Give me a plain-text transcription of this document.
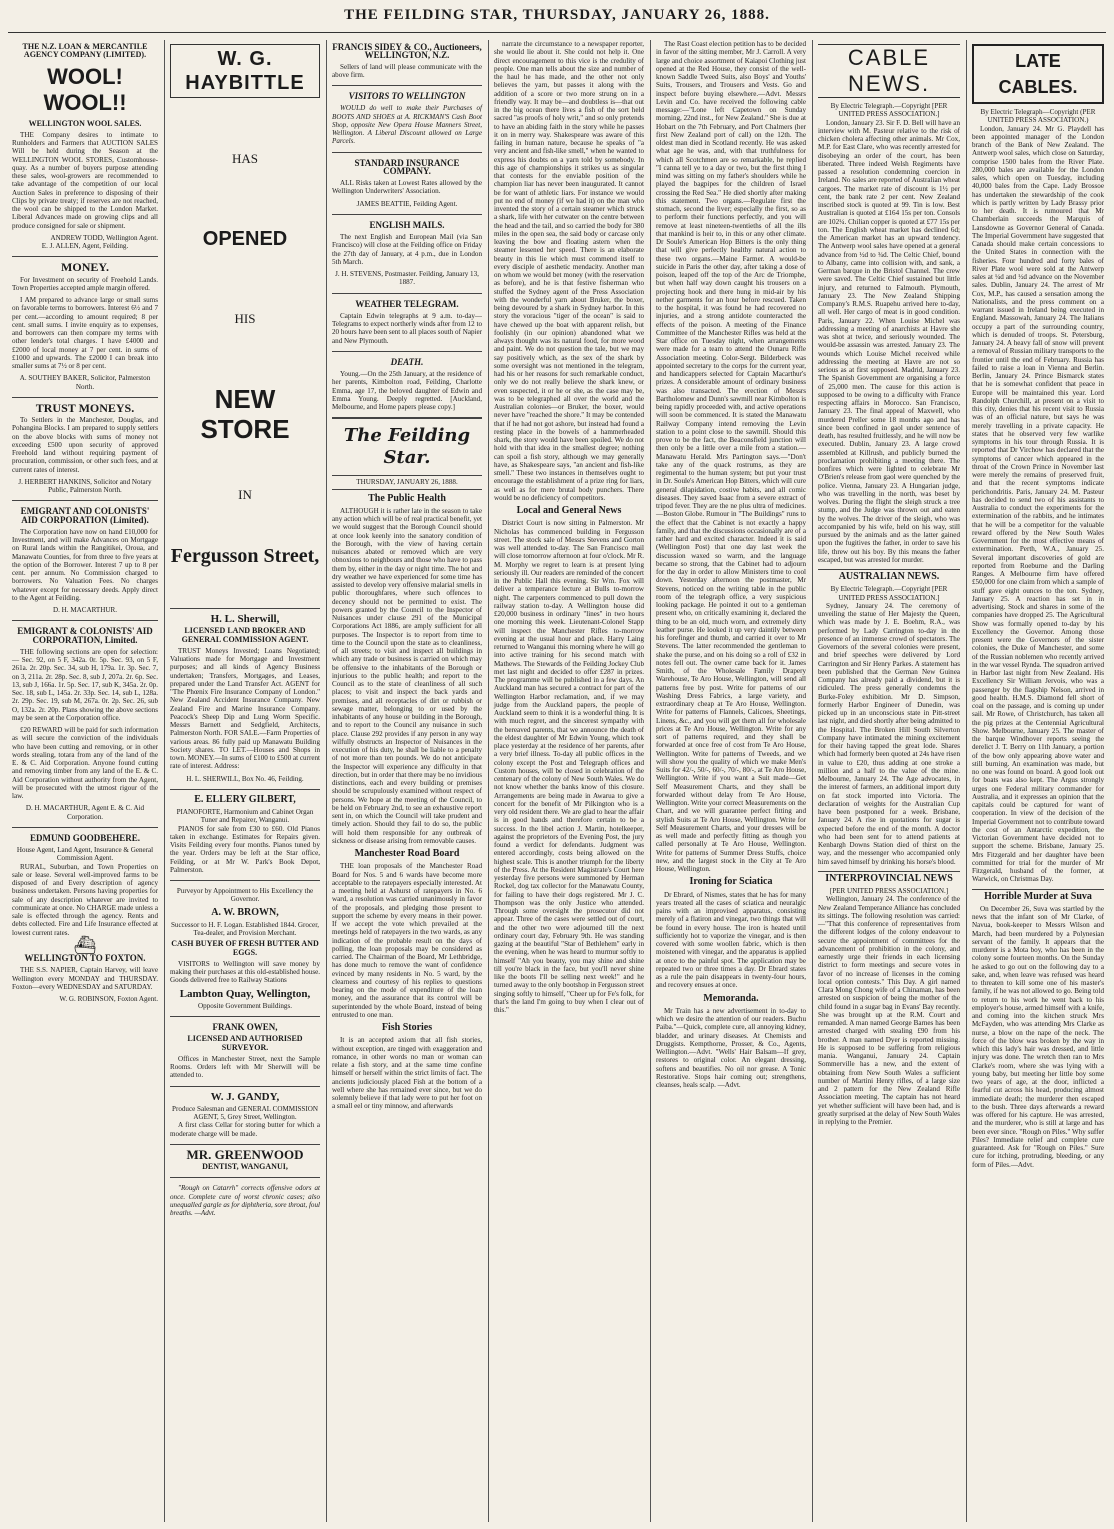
THE FEILDING STAR, THURSDAY, JANUARY 26, 1888.
THE N.Z. LOAN & MERCANTILE AGENCY COMPANY (LIMITED).
WOOL! WOOL!!
WELLINGTON WOOL SALES.

THE Company desires to intimate to Runholders and Farmers that AUCTION SALES Will be held during the Season at the WELLINGTON WOOL STORES, Customhouse-quay. As a number of buyers purpose attending these sales, wool-growers are recommended to take advantage of the competition of our local Auction Sales in preference to disposing of their Clips by private treaty; if reserves are not reached, the wool can be shipped to the London Market. Liberal Advances made on growing clips and all produce consigned for sale or shipment.

ANDREW TODD, Wellington Agent.
E. J. ALLEN, Agent, Feilding.
MONEY.

For Investment on security of Freehold Lands. Town Properties accepted ample margin offered.

I AM prepared to advance large or small sums on favorable terms to borrowers. Interest 6½ and 7 per cent.—according to amount required; 8 per cent. small sums. I invite enquiry as to expenses, and borrowers can then compare my terms with other lender's total charges. I have £4000 and £2000 of local money at 7 per cent. in sums of £1000 and upwards. The £2000 I can break into smaller sums at 7½ or 8 per cent.

A. SOUTHEY BAKER, Solicitor, Palmerston North.
TRUST MONEYS.

To Settlers in the Manchester, Douglas, and Pohangina Blocks. I am prepared to supply settlers on the above blocks with sums of money not exceeding £500 upon security of approved Freehold land without requiring payment of procuration, commission, or other such fees, and at current rates of interest.

J. HERBERT HANKINS, Solicitor and Notary Public, Palmerston North.
EMIGRANT AND COLONISTS' AID CORPORATION (Limited).

The Corporation have now on hand £10,000 for Investment, and will make Advances on Mortgage on Rural lands within the Rangitikei, Oroua, and Manawatu Counties, for from three to five years at the option of the Borrower. Interest 7 up to 8 per cent. per annum. No Commission charged to borrowers. No Valuation Fees. No charges whatever except for necessary deeds. Apply direct to the Agent at Feilding.

D. H. MACARTHUR.
EMIGRANT & COLONISTS' AID CORPORATION, Limited.

THE following sections are open for selection:— Sec. 92, on 5 F, 342a. 0r. 5p. Sec. 93, on 5 F, 261a. 2r. 20p. Sec. 34, sub H, 179a. 1r. 3p. Sec. 7, on 3, 211a. 2r. 28p. Sec. 8, sub J, 207a. 2r. 6p. Sec. 13, sub J, 166a. 1r. 5p. Sec. 17, sub K, 345a. 2r. 0p. Sec. 18, sub L, 145a. 2r. 33p. Sec. 14, sub L, 128a. 2r. 29p. Sec. 19, sub M, 267a. 0r. 2p. Sec. 26, sub O, 132a. 2r. 20p. Plans showing the above sections may be seen at the Corporation office.

£20 REWARD will be paid for such information as will secure the conviction of the individuals who have been cutting and removing, or in other words stealing, totara from any of the land of the E. & C. Aid Corporation. Anyone found cutting and removing timber from any land of the E. & C. Aid Corporation without authority from the Agent, will be prosecuted with the utmost rigour of the law.

D. H. MACARTHUR, Agent E. & C. Aid Corporation.
EDMUND GOODBEHERE.
House Agent, Land Agent, Insurance & General Commission Agent.

RURAL, Suburban, and Town Properties on sale or lease. Several well-improved farms to be disposed of and Every description of agency business undertaken. Persons having properties for sale of any description whatever are invited to communicate at once. No CHARGE made unless a sale is effected through the agency. Rents and debts collected. Fire and Life Insurance effected at lowest current rates.

⛴
WELLINGTON TO FOXTON.

THE S.S. NAPIER, Captain Harvey, will leave Wellington every MONDAY and THURSDAY. Foxton—every WEDNESDAY and SATURDAY.

W. G. ROBINSON, Foxton Agent.
W. G. HAYBITTLE
HAS
OPENED
HIS
NEW STORE
IN
Fergusson Street,
H. L. Sherwill,
LICENSED LAND BROKER AND GENERAL COMMISSION AGENT.

TRUST Moneys Invested; Loans Negotiated; Valuations made for Mortgage and Investment purposes; and all kinds of Agency Business undertaken; Transfers, Mortgages, and Leases, prepared under the Land Transfer Act. AGENT for "The Phœnix Fire Insurance Company of London." New Zealand Accident Insurance Company. New Zealand Fire and Marine Insurance Company. Peacock's Sheep Dip and Lung Worm Specific. Messrs Barnett and Sedgfield, Architects, Palmerston North. FOR SALE.—Farm Properties of various areas. 86 fully paid up Manawatu Building Society shares. TO LET.—Houses and Shops in town. MONEY.—In sums of £100 to £500 at current rate of interest. Address:

H. L. SHERWILL, Box No. 46, Feilding.
E. ELLERY GILBERT,
PIANOFORTE, Harmonium and Cabinet Organ Tuner and Repairer, Wanganui.

PIANOS for sale from £30 to £60. Old Pianos taken in exchange. Estimates for Repairs given. Visits Feilding every four months. Pianos tuned by the year. Orders may be left at the Star office, Feilding, or at Mr W. Park's Book Depot, Palmerston.

Purveyor by Appointment to His Excellency the Governor.
A. W. BROWN,
Successor to H. F. Logan. Established 1844. Grocer, Tea-dealer, and Provision Merchant.
CASH BUYER OF FRESH BUTTER AND EGGS.

VISITORS to Wellington will save money by making their purchases at this old-established house. Goods delivered free to Railway Stations

Lambton Quay, Wellington,
Opposite Government Buildings.
FRANK OWEN,
LICENSED AND AUTHORISED SURVEYOR.

Offices in Manchester Street, next the Sample Rooms. Orders left with Mr Sherwill will be attended to.

W. J. GANDY,
Produce Salesman and GENERAL COMMISSION AGENT, 5, Grey Street, Wellington.

A first class Cellar for storing butter for which a moderate charge will be made.

MR. GREENWOOD
DENTIST, WANGANUI,

"Rough on Catarrh" corrects offensive odors at once. Complete cure of worst chronic cases; also unequalled gargle as for diphtheria, sore throat, foul breaths. —Advt.

FRANCIS SIDEY & CO., Auctioneers, WELLINGTON, N.Z.

Sellers of land will please communicate with the above firm.

VISITORS TO WELLINGTON

WOULD do well to make their Purchases of BOOTS AND SHOES at A. RICKMAN'S Cash Boot Shop, opposite New Opera House Manners Street, Wellington. A Liberal Discount allowed on Large Parcels.

STANDARD INSURANCE COMPANY.

ALL Risks taken at Lowest Rates allowed by the Wellington Underwriters' Association.

JAMES BEATTIE, Feilding Agent.
ENGLISH MAILS.

The next English and European Mail (via San Francisco) will close at the Feilding office on Friday the 27th day of January, at 4 p.m., due in London 5th March.

J. H. STEVENS, Postmaster. Feilding, January 13, 1887.
WEATHER TELEGRAM.

Captain Edwin telegraphs at 9 a.m. to-day—Telegrams to expect northerly winds after from 12 to 20 hours have been sent to all places south of Napier and New Plymouth.

DEATH.

Young.—On the 25th January, at the residence of her parents, Kimbolton road, Feilding, Charlotte Emma, age 17, the beloved daughter of Edwin and Emma Young. Deeply regretted. [Auckland, Melbourne, and Home papers please copy.]

The Feilding Star.
THURSDAY, JANUARY 26, 1888.
The Public Health

ALTHOUGH it is rather late in the season to take any action which will be of real practical benefit, yet we would suggest that the Borough Council should at once look keenly into the sanatory condition of the Borough, with the view of having certain nuisances abated or removed which are very obnoxious to neighbours and those who have to pass them by, either in the day or night time. The hot and dry weather we have experienced for some time has assisted to develop very offensive malarial smells in public thoroughfares, where such offences to decency should not be permitted to exist. The powers granted by the Council to the Inspector of Nuisances under clause 291 of the Municipal Corporations Act 1886, are amply sufficient for all purposes. The Inspector is to report from time to time to the Council upon the state as to cleanliness, of all streets; to visit and inspect all buildings in which any trade or business is carried on which may be offensive to the inhabitants of the Borough or injurious to the public health; and report to the Council as to the state of cleanliness of all such places; to visit and inspect the back yards and premises, and all receptacles of dirt or rubbish or sewage matter, belonging to or used by the inhabitants of any house or building in the Borough, and to report to the Council any nuisance in such place. Clause 292 provides if any person in any way wilfully obstructs an Inspector of Nuisances in the execution of his duty, he shall be liable to a penalty of not more than ten pounds. We do not anticipate the Inspector will experience any difficulty in that direction, but in order that there may be no invidious distinctions, each and every building or premises should be scrupulously examined without respect of persons. We hope at the meeting of the Council, to be held on February 2nd, to see an exhaustive report sent in, on which the Council will take prudent and timely action. Should they fail to do so, the public will hold them responsible for any outbreak of sickness or disease arising from removable causes.

Manchester Road Board

THE loan proposals of the Manchester Road Board for Nos. 5 and 6 wards have become more acceptable to the ratepayers especially interested. At a meeting held at Ashurst of ratepayers in No. 6 ward, a resolution was carried unanimously in favor of the proposals, and pledging those present to support the scheme by every means in their power. If we accept the vote which prevailed at the meetings held of ratepayers in the two wards, as any indication of the probable result on the days of polling, the loan proposals may be considered as carried. The Chairman of the Board, Mr Lethbridge, has done much to remove the want of confidence evinced by many residents in No. 5 ward, by the clearness and courtesy of his replies to questions bearing on the mode of expenditure of the loan money, and the assurance that its control will be superintended by the whole Board, instead of being entrusted to one man.

Fish Stories

It is an accepted axiom that all fish stories, without exception, are tinged with exaggeration and romance, in other words no man or woman can relate a fish story, and at the same time confine himself or herself within the strict limits of fact. The ancients judiciously placed Fish at the bottom of a well where she has remained ever since, but we do solemnly believe if that lady were to put her foot on a small eel or tiny minnow, and afterwards

narrate the circumstance to a newspaper reporter, she would lie about it. She could not help it. One direct encouragement to this vice is the credulity of people. One man tells about the size and number of the haul he has made, and the other not only believes the yarn, but passes it along with the addition of a score or two more strung on in a friendly way. It may be—and doubtless is—that out in the big ocean there lives a fish of the sort held sacred "as proofs of holy writ," and so only pretends to have an abiding faith in the story while he passes it on in merry way. Shakespeare was aware of this failing in human nature, because he speaks of "a very ancient and fish-like smell," when he wanted to express his doubts on a yarn told by somebody. In this age of championships it strikes us as singular that contests for the enviable position of the champion liar has never been inaugurated. It cannot be for want of athletic liars. For instance we would put no end of money (if we had it) on the man who invented the story of a certain steamer which struck a shark, life with her cutwater on the centre between the head and the tail, and so carried the body for 380 miles in the open sea, the said body or carcase only leaving the bow and floating astern when the steamer lessened her speed. There is an elaborate beauty in this lie which must commend itself to every disciple of aesthetic mendacity. Another man on whom we would bet money (with the reservation as before), and he is that festive fisherman who stuffed the Sydney agent of the Press Association with the wonderful yarn about Bruker, the boxer, being devoured by a shark in Sydney harbor. In this story the voracious "tiger of the ocean" is said to have chewed up the boat with apparent relish, but foolishly (in our opinion) abandoned what we always thought was its natural food, for more wood and paint. We do not question the tale, but we may say positively which, as the sex of the shark by some oversight was not mentioned in the telegram, had his or her reasons for such remarkable conduct, only we do not really believe the shark knew, or even suspected, it or he or she, as the case may be, was to be telegraphed all over the world and the Australian colonies—or Bruker, the boxer, would never have "reached the shore." It may be contended that if he had not got ashore, but instead had found a resting place in the bowels of a hammerheaded shark, the story would have been spoiled. We do not hold with that idea in the smallest degree; nothing can spoil a fish story, although we may generally have, as Shakespeare says, "an ancient and fish-like smell." These two instances in themselves ought to encourage the establishment of a prize ring for liars, as well as for mere brutal body punchers. There would be no deficiency of competitors.

Local and General News

District Court is now sitting in Palmerston. Mr Nicholas has commenced building in Fergusson street. The stock sale of Messrs Stevens and Gorton was well attended to-day. The San Francisco mail will close tomorrow afternoon at four o'clock. Mr R. M. Morphy we regret to learn is at present lying seriously ill. Our readers are reminded of the concert in the Public Hall this evening. Sir Wm. Fox will deliver a temperance lecture at Bulls to-morrow night. The carpenters commenced to pull down the railway station to-day. A Wellington house did £20,000 business in ordinary "lines" in two hours one morning this week. Lieutenant-Colonel Stapp will inspect the Manchester Rifles to-morrow evening at the usual hour and place. Harry Laing returned to Wanganui this morning where he will go into active training for his second match with Mathews. The Stewards of the Feilding Jockey Club met last night and decided to offer £287 in prizes. The programme will be published in a few days. An Auckland man has secured a contract for part of the Wellington Harbor reclamation, and, if we may judge from the Auckland papers, the people of Auckland seem to think it is a wonderful thing. It is with much regret, and the sincerest sympathy with the bereaved parents, that we announce the death of the eldest daughter of Mr Edwin Young, which took place yesterday at the residence of her parents, after a very brief illness. To-day all public offices in the colony except the Post and Telegraph offices and Custom houses, will be closed in celebration of the centenary of the colony of New South Wales. We do not know whether the banks know of this closure. Arrangements are being made in Awarua to give a concert for the benefit of Mr Pilkington who is a very old resident there. We are glad to hear the affair is in good hands and therefore certain to be a success. In the libel action J. Martin, hotelkeeper, against the proprietors of the Evening Post, the jury found a verdict for defendants. Judgment was entered accordingly, costs being allowed on the highest scale. This is another triumph for the liberty of the Press. At the Resident Magistrate's Court here yesterday five persons were summoned by Herman Rockel, dog tax collector for the Manawatu County, for failing to have their dogs registered. Mr J. C. Thompson was the only Justice who attended. Through some oversight the prosecutor did not appear. Three of the cases were settled out of court, and the other two were adjourned till the next ordinary court day, February 9th. He was standing gazing at the beautiful "Star of Bethlehem" early in the evening, when he was heard to murmur softly to himself "Ah you beauty, you may shine and shine till you're black in the face, but you'll never shine like the boots I'll be selling next week!" and he turned away to the only bootshop in Fergusson street singing softly to himself, "Cheer up for Fe's folk, for that's the land I'm going to buy when I clear out of this."

The Rast Coast election petition has to be decided in favor of the sitting member, Mr J. Carroll. A very large and choice assortment of Kaiapoi Clothing just opened at the Red House, they consist of the well-known Saddle Tweed Suits, also Boys' and Youths' Suits, Trousers, and Trousers and Vests. Go and inspect before buying elsewhere.—Advt. Messrs Levin and Co. have received the following cable message:—"Lone left Capetown on Sunday morning, 22nd inst., for New Zealand." She is due at Hobart on the 7th February, and Port Chalmers (her first New Zealand port of call) on the 12th. The oldest man died in Scotland recently. He was asked what age he was, and, with that truthfulness for which all Scotchmen are so remarkable, he replied "I canna tell ye to a day or two, but the first thing I mind was sitting on my father's shoulders while he played the bagpipes for the children of Israel crossing the Red Sea." He died shortly after making this statement. Two organs.—Regulate first the stomach, second the liver; especially the first, so as to perform their functions perfectly, and you will remove at least nineteen-twentieths of all the ills that mankind is heir to, in this or any other climate. Dr Soule's American Hop Bitters is the only thing that will give perfectly healthy natural action to these two organs.—Maine Farmer. A would-be suicide in Paris the other day, after taking a dose of poison, leaped off the top of the Arc de Triomphe, but when half way down caught his trousers on a projecting hook and there hung in mid-air by his nether garments for an hour before rescued. Taken to the hospital, it was found he had recovered no injuries, and a strong antidote counteracted the effects of the poison. A meeting of the Finance Committee of the Manchester Rifles was held at the Star office on Tuesday night, when arrangements were made for a team to attend the Ounaru Rifle Association meeting. Color-Sergt. Bilderbeck was appointed secretary to the corps for the current year, and handicappers selected for Captain Macarthur's prizes. A considerable amount of ordinary business was also transacted. The erection of Messrs Bartholomew and Dunn's sawmill near Kimbolton is being rapidly proceeded with, and active operations will soon be commenced. It is stated the Manawatu Railway Company intend removing the Levin station to a point close to the sawmill. Should this prove to be the fact, the Beaconsfield junction will then only be a little over a mile from a station.—Manawatu Herald. Mrs Partington says.—"Don't take any of the quack rostrums, as they are regimental to the human system; but put your trust in Dr. Soule's American Hop Bitters, which will cure general dilapidation, costive habits, and all comic diseases. They saved Isaac from a severe extract of tripod fever. They are the ne plus ultra of medicines.—Boston Globe. Rumour in "The Buildings" runs to the effect that the Cabinet is not exactly a happy family, and that the discussions occasionally are of a rather hard and excited character. Indeed it is said (Wellington Post) that one day last week the discussion waxed so warm, and the language became so strong, that the Cabinet had to adjourn for the day in order to allow Ministers time to cool down. Yesterday afternoon the postmaster, Mr Stevens, noticed on the writing table in the public room of the telegraph office, a very suspicious looking package. He pointed it out to a gentleman present who, on critically examining it, declared the thing to be an old, much worn, and extremely dirty leather purse. He looked it up very daintily between his forefinger and thumb, and carried it over to Mr Stevens. The latter recommended the gentleman to shake the purse, and on his doing so a roll of £32 in notes fell out. The owner came back for it. James Smith, of the Wholesale Family Drapery Warehouse, Te Aro House, Wellington, will send all patterns free by post. Write for patterns of our Washing Dress Fabrics, a large variety, and extraordinary cheap at Te Aro House, Wellington. Write for patterns of Flannels, Calicoes, Sheetings, Linens, &c., and you will get them all for wholesale prices at Te Aro House, Wellington. Write for any sort of patterns required, and they shall be forwarded at once free of cost from Te Aro House, Wellington. Write for patterns of Tweeds, and we will show you the quality of which we make Men's Suits for 42/-, 50/-, 60/-, 70/-, 80/-, at Te Aro House, Wellington. Write if you want a Suit made—Get Self Measurement Charts, and they shall be forwarded without delay from Te Aro House, Wellington. Write your correct Measurements on the Chart, and we will guarantee perfect fitting and stylish Suits at Te Aro House, Wellington. Write for Self Measurement Charts, and your dresses will be as well made and perfectly fitting as though you called personally at Te Aro House, Wellington. Write for patterns of Summer Dress Stuffs, choice new, and the largest stock in the City at Te Aro House, Wellington.

Ironing for Sciatica

Dr Ebrard, of Nismes, states that he has for many years treated all the cases of sciatica and neuralgic pains with an improvised apparatus, consisting merely of a flatiron and vinegar, two things that will be found in every house. The iron is heated until sufficiently hot to vaporize the vinegar, and is then covered with some woollen fabric, which is then moistened with vinegar, and the apparatus is applied at once to the painful spot. The application may be repeated two or three times a day. Dr Ebrard states as a rule the pain disappears in twenty-four hours, and recovery ensues at once.

Memoranda.

Mr Train has a new advertisement in to-day to which we desire the attention of our readers. Buchu Paiba."—Quick, complete cure, all annoying kidney, bladder, and urinary diseases. At Chemists and Druggists. Kempthorne, Prosser, & Co., Agents, Wellington.—Advt. "Wells' Hair Balsam—If grey, restores to original color. An elegant dressing, softens and beautifies. No oil nor grease. A Tonic Restorative. Stops hair coming out; strengthens, cleanses, heals scalp. —Advt.

CABLE NEWS.
By Electric Telegraph.—Copyright [PER UNITED PRESS ASSOCIATION.]

London, January 23. Sir F. D. Bell will have an interview with M. Pasteur relative to the risk of chicken cholera affecting other animals. Mr Cox, M.P. for East Clare, who was recently arrested for disobeying an order of the court, has been liberated. Three indeed Welsh Regiments have passed a resolution condemning coercion in Ireland. No sales are reported of Australian wheat cargoes. The market rate of discount is 1½ per cent, the bank rate 2 per cent. New Zealand inscribed stock is quoted at 99. Tin is low. Best Australian is quoted at £164 15s per ton. Consols are 102¼. Chilian copper is quoted at £77 15s per ton. The English wheat market has declined 6d; the American market has an upward tendency. The Antwerp wool sales have opened at a general advance from ½d to ¾d. The Celtic Chief, bound to Albany, came into collision with, and sank, a German barque in the Bristol Channel. The crew were saved. The Celtic Chief sustained but little injury, and returned to Falmouth. Plymouth, January 23. The New Zealand Shipping Company's R.M.S. Ruapehu arrived here to-day, all well. Her cargo of meat is in good condition. Paris, January 22. When Louise Michel was addressing a meeting of anarchists at Havre she was shot at twice, and seriously wounded. The would-be assassin was arrested. January 23. The wounds which Louise Michel received while addressing the meeting at Havre are not so serious as at first supposed. Madrid, January 23. The Spanish Government are organising a force of 25,000 men. The cause for this action is supposed to be owing to a difficulty with France respecting affairs in Morocco. San Francisco, January 23. The final appeal of Maxwell, who murdered Preller some 18 months ago and has since been confined in gaol under sentence of death, has resulted fruitlessly, and he will now be executed. Dublin, January 23. A large crowd assembled at Killrush, and publicly burned the proclamation prohibiting a meeting there. The bonfires which were lighted to celebrate Mr O'Brien's release from gaol were quenched by the police. Vienna, January 23. A Hungarian judge, who was travelling in the north, was beset by wolves. During the flight the sleigh struck a tree stump, and the Judge was thrown out and eaten by the wolves. The driver of the sleigh, who was accompanied by his wife, held on his way, still pursued by the animals and as the latter gained upon the fugitives the father, in order to save his life, threw out his boy. By this means the father escaped, but was arrested for murder.

AUSTRALIAN NEWS.
By Electric Telegraph.—Copyright [PER UNITED PRESS ASSOCIATION.]

Sydney, January 24. The ceremony of unveiling the statue of Her Majesty the Queen, which was made by J. E. Boehm, R.A., was performed by Lady Carrington to-day in the presence of an immense crowd of spectators. The Governors of the several colonies were present, and brief speeches were delivered by Lord Carrington and Sir Henry Parkes. A statement has been published that the German New Guinea Company has already paid a dividend, but it is ridiculed. The press generally condemns the Burke-Foley exhibition. Mr D. Simpson, formerly Harbor Engineer of Dunedin, was picked up in an unconscious state in Pitt-street last night, and died shortly after being admitted to the Hospital. The Broken Hill South Silverton Company have intimated the mining excitement for their having tapped the great lode. Shares which had formerly been quoted at 24s have risen in value to £20, thus adding at one stroke a million and a half to the value of the mine. Melbourne, January 24. The Age advocates, in the interest of farmers, an additional import duty on fat stock imported into Victoria. The declaration of weights for the Australian Cup have been postponed for a week. Brisbane, January 24. A rise in quotations for sugar is expected before the end of the month. A doctor who had been sent for to attend patients at Kenbargh Downs Station died of thirst on the way, and the messenger who accompanied only him saved himself by drinking his horse's blood.

INTERPROVINCIAL NEWS
[PER UNITED PRESS ASSOCIATION.]

Wellington, January 24. The conference of the New Zealand Temperance Alliance has concluded its sittings. The following resolution was carried:—"That this conference of representatives from the different lodges of the colony endeavour to secure the appointment of committees for the advancement of prohibition in the colony, and earnestly urge their friends in each licensing district to form meetings and secure votes in favor of no increase of licenses in the coming local option contests." This Day. A girl named Clara Mong Chong wife of a Chinaman, has been arrested on suspicion of being the mother of the child found in a sugar bag in Evans' Bay recently. She was brought up at the R.M. Court and remanded. A man named George Barnes has been arrested charged with stealing £90 from his brother. A man named Dyer is reported missing. He is supposed to be suffering from religious mania. Wanganui, January 24. Captain Sommerville has a new, and the extent of obtaining from New South Wales a sufficient number of Martini Henry rifles, of a large size and 2 pattern for the New Zealand Rifle Association meeting. The captain has not heard yet whether sufficient will have been had, and is greatly surprised at the delay of New South Wales in replying to the Premier.

LATE CABLES.
By Electric Telegraph—Copyright (PER UNITED PRESS ASSOCIATION.)

London, January 24. Mr G. Playdell has been appointed manager of the London branch of the Bank of New Zealand. The Antwerp wool sales, which close on Saturday, comprise 1500 bales from the River Plate. 280,000 bales are available for the London sales, which open on Tuesday, including 40,000 bales from the Cape. Lady Brossoe has undertaken the stewardship of the cook which is partly written by Lady Brassy prior to her death. It is rumoured that Mr Chamberlain succeeds the Marquis of Lansdowne as Governor General of Canada. The Imperial Government have suggested that Canada should make certain concessions to the United States in connection with the fisheries. Four hundred and forty bales of River Plate wool were sold at the Antwerp sales at ¼d and ½d advance on the November sales. Dublin, January 24. The arrest of Mr Cox, M.P., has caused a sensation among the Nationalists, and the press comment on a warrant issued in Ireland being executed in England. Massowah, January 24. The Italians occupy a part of the surrounding country, which is denuded of troops. St. Petersburg, January 24. A heavy fall of snow will prevent a removal of Russian military transports to the frontier until the end of February. Russia has failed to raise a loan in Vienna and Berlin. Berlin, January 24. Prince Bismarck states that he is somewhat confident that peace in Europe will be maintained this year. Lord Randolph Churchill, at present on a visit to this city, denies that his recent visit to Russia was of an official nature, but says he was merely travelling in a private capacity. He states that he observed very few warlike symptoms in his tour through Russia. It is reported that Dr Virchow has declared that the symptoms of cancer which appeared in the throat of the Crown Prince in November last were merely the remains of preserved fruit, and that the recent symptoms indicate perichondritis. Paris, January 24. M. Pasteur has decided to send two of his assistants to Australia to conduct the experiments for the extermination of the rabbits, and he intimates that he will be a competitor for the valuable reward offered by the New South Wales Government for the most effective means of extermination. Perth, W.A., January 25. Several important discoveries of gold are reported from Roeburne and the Darling Ranges. A Melbourne firm have offered £50,000 for one claim from which a sample of stuff gave eight ounces to the ton. Sydney, January 25. A reaction has set in in advertising. Stock and shares in some of the companies have dropped 25. The Agricultural Show was formally opened to-day by his Excellency the Governor. Among those present were the Governors of the sister colonies, the Duke of Manchester, and some of the Russian noblemen who recently arrived in the war vessel Rynda. The squadron arrived in Harbor last night from New Zealand. His Excellency Sir William Jervois, who was a passenger by the flagship Nelson, arrived in good health. H.M.S. Diamond fell short of coal on the passage, and is coming up under sail. Mr Rowe, of Christchurch, has taken all the pig prizes at the Centennial Agricultural Show. Melbourne, January 25. The master of the barque Windhover reports seeing the derelict J. T. Berry on 11th January, a portion of the bow only appearing above water and still burning. An examination was made, but no one was found on board. A good look out for boats was also kept. The Argus strongly urges one Federal military commander for Australia, and it expresses an opinion that the capitals could be captured for want of cooperation. In view of the decision of the Imperial Government not to contribute toward the cost of an Antarctic expedition, the Victorian Government have decided not to support the scheme. Brisbane, January 25. Mrs Fitzgerald and her daughter have been committed for trial for the murder of Mr Fitzgerald, husband of the former, at Warwick, on Christmas Day.

Horrible Murder at Suva

On December 26, Suva was startled by the news that the infant son of Mr Clarke, of Navua, book-keeper to Messrs Wilson and March, had been murdered by a Polynesian servant of the family. It appears that the murderer is a Mota boy, who has been in the colony some fourteen months. On the Sunday he asked to go out on the following day to a sake, and, when leave was refused was heard to threaten to kill some one of his master's family, if he was not allowed to go. Being told to return to his work he went back to his employer's house, armed himself with a knife, and coming into the kitchen struck Mrs McFayden, who was attending Mrs Clarke as nurse, a blow on the nape of the neck. The force of the blow was broken by the way in which this lady's hair was dressed, and little injury was done. The wretch then ran to Mrs Clarke's room, where she was lying with a young baby, but meeting her little boy some two years of age, at the door, inflicted a fearful cut across his head, producing almost immediate death; the murderer then escaped to the bush. Three days afterwards a reward was offered for his capture. He was arrested, and the murderer, who is still at large and has been ever since. "Rough on Piles." Why suffer Piles? Immediate relief and complete cure guaranteed. Ask for "Rough on Piles." Sure cure for itching, protruding, bleeding, or any form of Piles.—Advt.
